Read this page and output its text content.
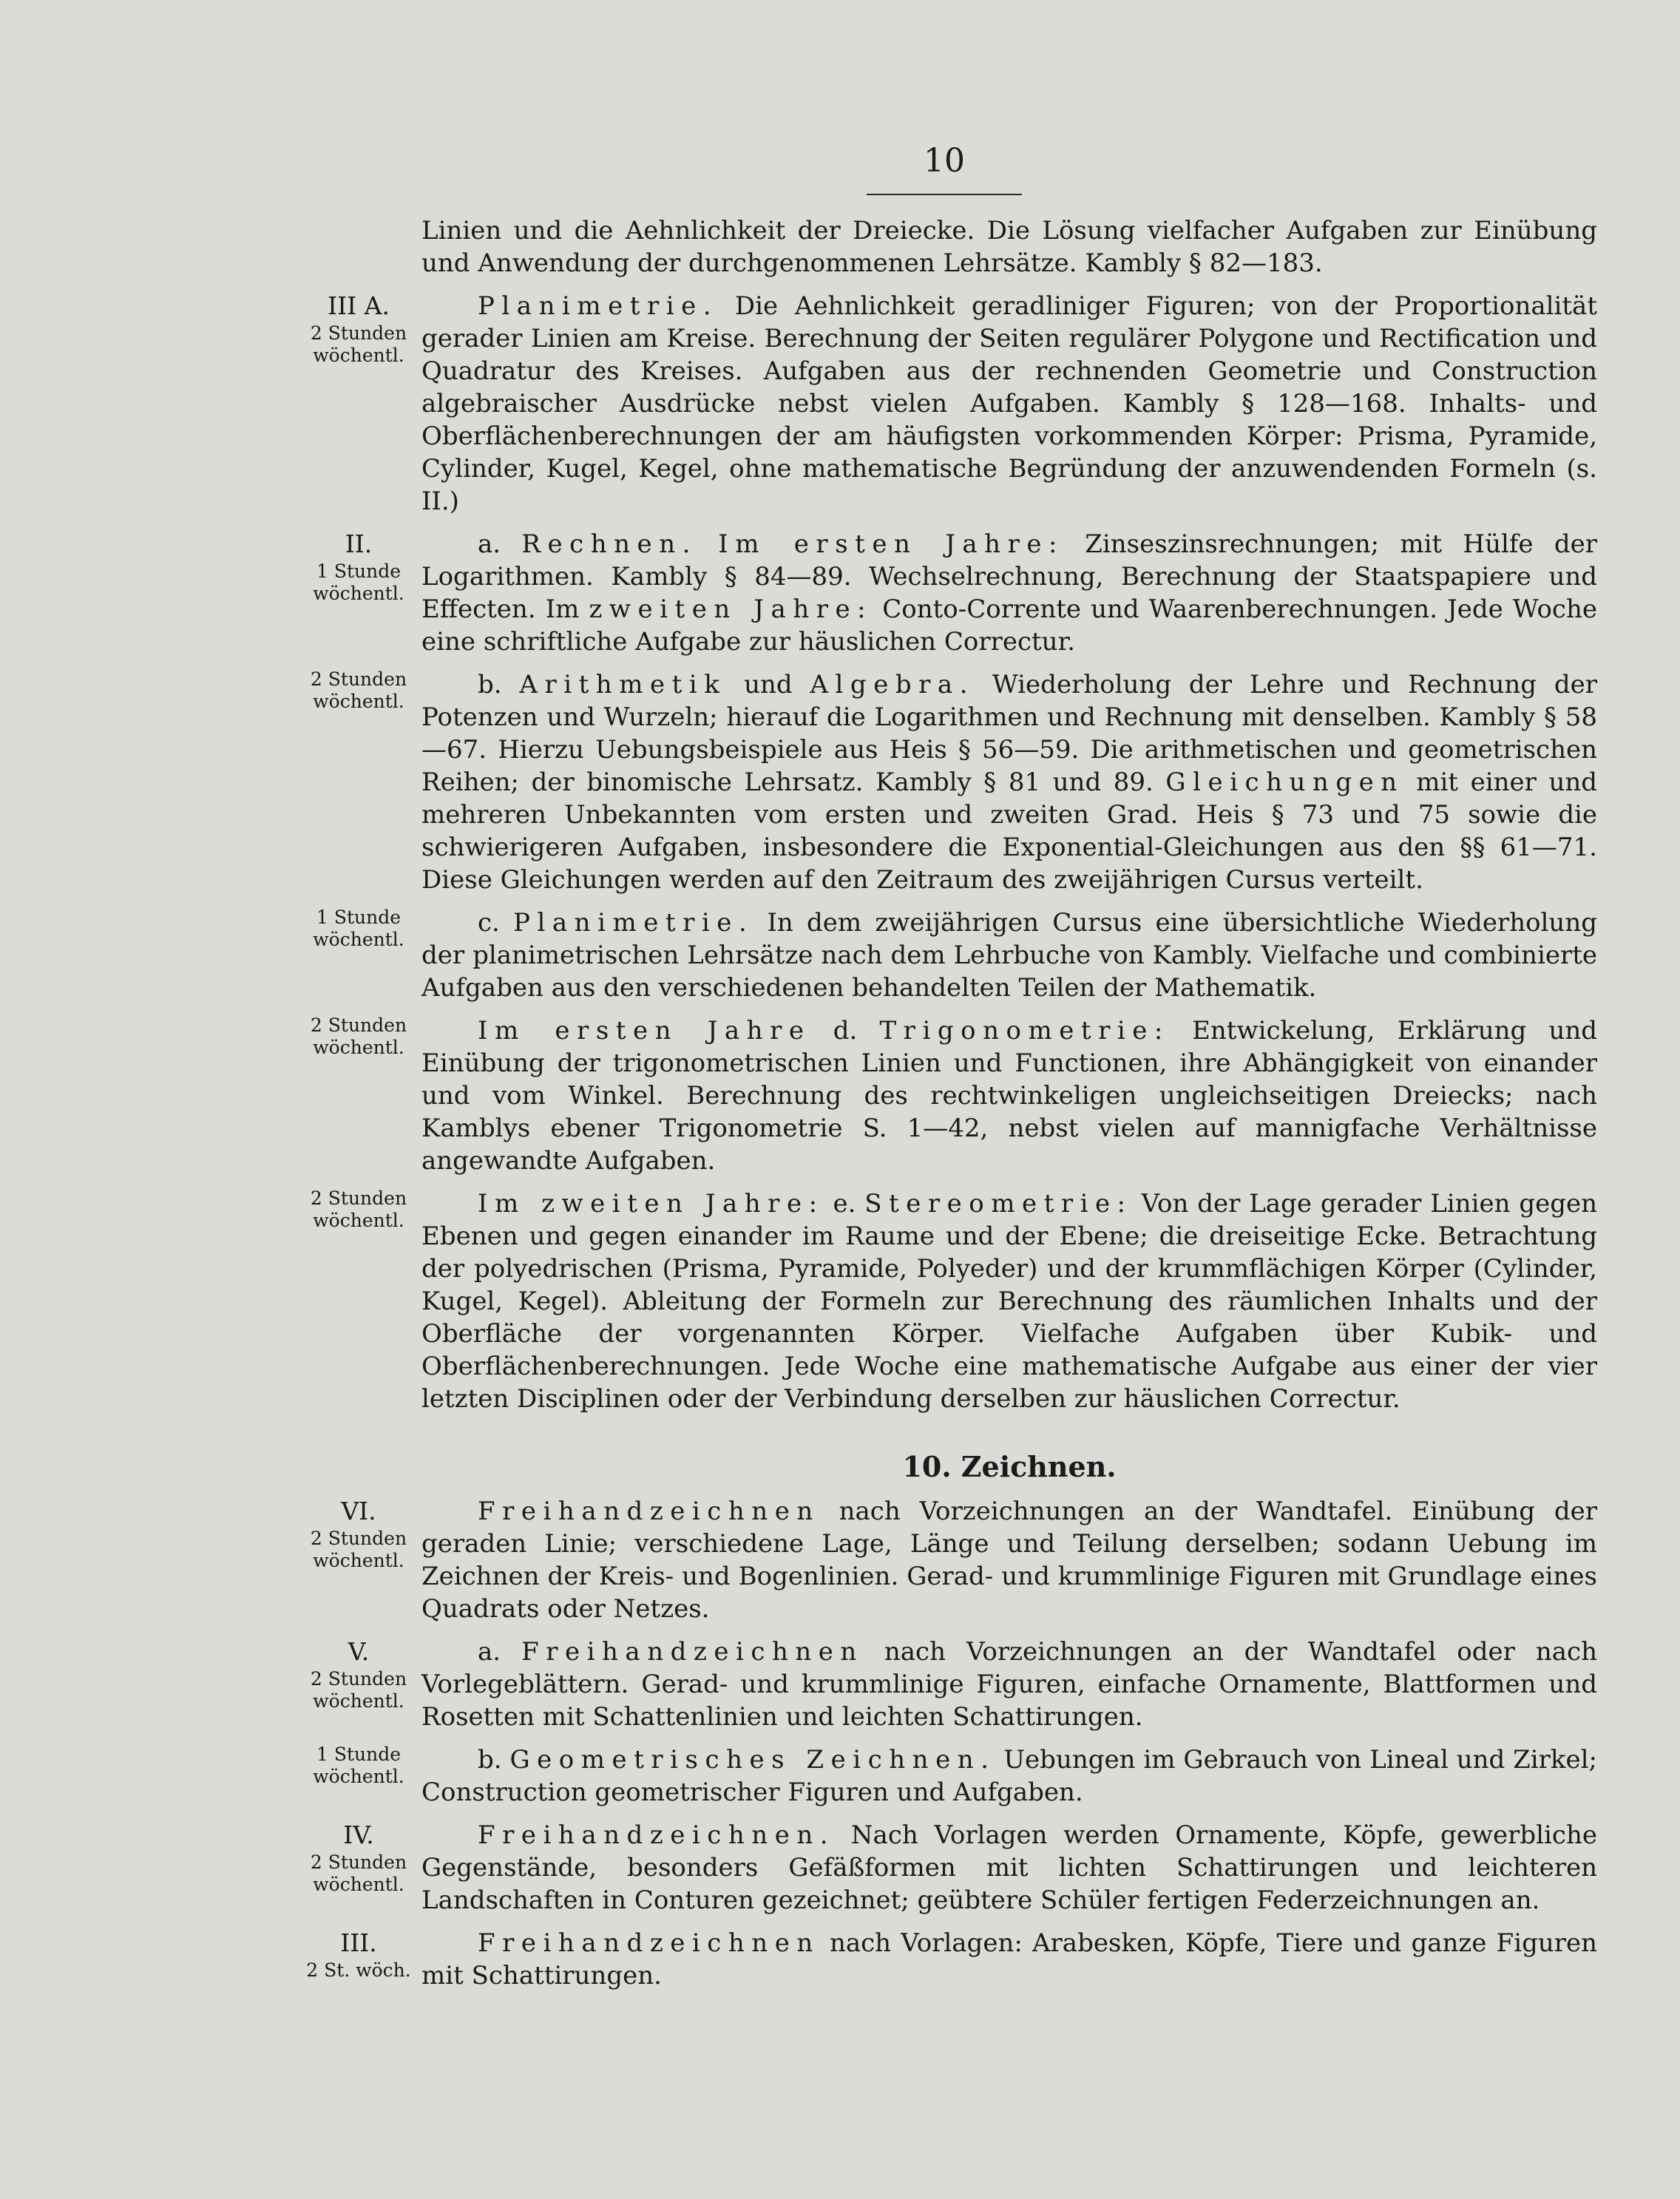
10
Linien und die Aehnlichkeit der Dreiecke. Die Lösung vielfacher Aufgaben zur Einübung und Anwendung der durchgenommenen Lehrsätze. Kambly § 82—183.
III A.
2 Stunden
wöchentl.
Planimetrie. Die Aehnlichkeit geradliniger Figuren; von der Proportionalität gerader Linien am Kreise. Berechnung der Seiten regulärer Polygone und Rectification und Quadratur des Kreises. Aufgaben aus der rechnenden Geometrie und Construction algebraischer Ausdrücke nebst vielen Aufgaben. Kambly § 128—168. Inhalts- und Oberflächenberechnungen der am häufigsten vorkommenden Körper: Prisma, Pyramide, Cylinder, Kugel, Kegel, ohne mathematische Begründung der anzuwendenden Formeln (s. II.)
II.
1 Stunde
wöchentl.
a. Rechnen. Im ersten Jahre: Zinseszinsrechnungen; mit Hülfe der Logarithmen. Kambly § 84—89. Wechselrechnung, Berechnung der Staatspapiere und Effecten. Im zweiten Jahre: Conto-Corrente und Waarenberechnungen. Jede Woche eine schriftliche Aufgabe zur häuslichen Correctur.
2 Stunden
wöchentl.
b. Arithmetik und Algebra. Wiederholung der Lehre und Rechnung der Potenzen und Wurzeln; hierauf die Logarithmen und Rechnung mit denselben. Kambly § 58—67. Hierzu Uebungsbeispiele aus Heis § 56—59. Die arithmetischen und geometrischen Reihen; der binomische Lehrsatz. Kambly § 81 und 89. Gleichungen mit einer und mehreren Unbekannten vom ersten und zweiten Grad. Heis § 73 und 75 sowie die schwierigeren Aufgaben, insbesondere die Exponential-Gleichungen aus den §§ 61—71. Diese Gleichungen werden auf den Zeitraum des zweijährigen Cursus verteilt.
1 Stunde
wöchentl.
c. Planimetrie. In dem zweijährigen Cursus eine übersichtliche Wiederholung der planimetrischen Lehrsätze nach dem Lehrbuche von Kambly. Vielfache und combinierte Aufgaben aus den verschiedenen behandelten Teilen der Mathematik.
2 Stunden
wöchentl.
Im ersten Jahre d. Trigonometrie: Entwickelung, Erklärung und Einübung der trigonometrischen Linien und Functionen, ihre Abhängigkeit von einander und vom Winkel. Berechnung des rechtwinkeligen ungleichseitigen Dreiecks; nach Kamblys ebener Trigonometrie S. 1—42, nebst vielen auf mannigfache Verhältnisse angewandte Aufgaben.
2 Stunden
wöchentl.
Im zweiten Jahre: e. Stereometrie: Von der Lage gerader Linien gegen Ebenen und gegen einander im Raume und der Ebene; die dreiseitige Ecke. Betrachtung der polyedrischen (Prisma, Pyramide, Polyeder) und der krummflächigen Körper (Cylinder, Kugel, Kegel). Ableitung der Formeln zur Berechnung des räumlichen Inhalts und der Oberfläche der vorgenannten Körper. Vielfache Aufgaben über Kubik- und Oberflächenberechnungen. Jede Woche eine mathematische Aufgabe aus einer der vier letzten Disciplinen oder der Verbindung derselben zur häuslichen Correctur.
10. Zeichnen.
VI.
2 Stunden
wöchentl.
Freihandzeichnen nach Vorzeichnungen an der Wandtafel. Einübung der geraden Linie; verschiedene Lage, Länge und Teilung derselben; sodann Uebung im Zeichnen der Kreis- und Bogenlinien. Gerad- und krummlinige Figuren mit Grundlage eines Quadrats oder Netzes.
V.
2 Stunden
wöchentl.
a. Freihandzeichnen nach Vorzeichnungen an der Wandtafel oder nach Vorlegeblättern. Gerad- und krummlinige Figuren, einfache Ornamente, Blattformen und Rosetten mit Schattenlinien und leichten Schattirungen.
1 Stunde
wöchentl.
b. Geometrisches Zeichnen. Uebungen im Gebrauch von Lineal und Zirkel; Construction geometrischer Figuren und Aufgaben.
IV.
2 Stunden
wöchentl.
Freihandzeichnen. Nach Vorlagen werden Ornamente, Köpfe, gewerbliche Gegenstände, besonders Gefäßformen mit lichten Schattirungen und leichteren Landschaften in Conturen gezeichnet; geübtere Schüler fertigen Federzeichnungen an.
III.
2 St. wöch.
Freihandzeichnen nach Vorlagen: Arabesken, Köpfe, Tiere und ganze Figuren mit Schattirungen.
